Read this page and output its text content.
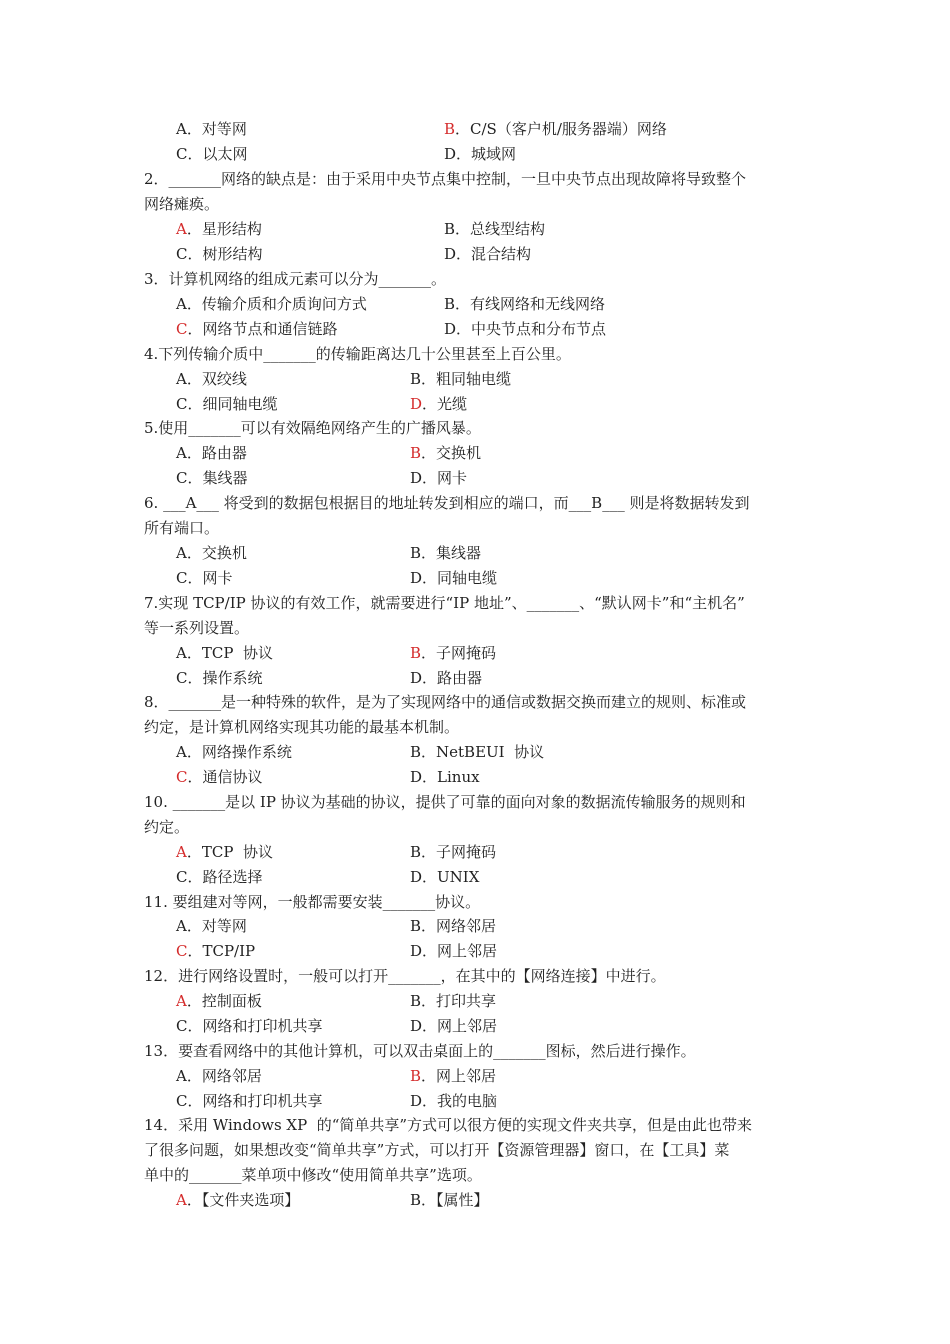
A．对等网	B．C/S（客户机/服务器端）网络
C．以太网	D．城域网
2．_______网络的缺点是：由于采用中央节点集中控制，一旦中央节点出现故障将导致整个
网络瘫痪。
A．星形结构	B．总线型结构
C．树形结构	D．混合结构
3．计算机网络的组成元素可以分为_______。
A．传输介质和介质询问方式	B．有线网络和无线网络
C．网络节点和通信链路	D．中央节点和分布节点
4.下列传输介质中_______的传输距离达几十公里甚至上百公里。
A．双绞线	B．粗同轴电缆
C．细同轴电缆	D．光缆
5.使用_______可以有效隔绝网络产生的广播风暴。
A．路由器	B．交换机
C．集线器	D．网卡
6. ___A___ 将受到的数据包根据目的地址转发到相应的端口，而___B___ 则是将数据转发到
所有端口。
A．交换机	B．集线器
C．网卡	D．同轴电缆
7.实现 TCP/IP 协议的有效工作，就需要进行“IP 地址”、_______、“默认网卡”和“主机名”
等一系列设置。
A．TCP  协议	B．子网掩码
C．操作系统	D．路由器
8．_______是一种特殊的软件，是为了实现网络中的通信或数据交换而建立的规则、标准或
约定，是计算机网络实现其功能的最基本机制。
A．网络操作系统	B．NetBEUI  协议
C．通信协议	D．Linux
10. _______是以 IP 协议为基础的协议，提供了可靠的面向对象的数据流传输服务的规则和
约定。
A．TCP  协议	B．子网掩码
C．路径选择	D．UNIX
11. 要组建对等网，一般都需要安装_______协议。
A．对等网	B．网络邻居
C．TCP/IP	D．网上邻居
12．进行网络设置时，一般可以打开_______，在其中的【网络连接】中进行。
A．控制面板	B．打印共享
C．网络和打印机共享	D．网上邻居
13．要查看网络中的其他计算机，可以双击桌面上的_______图标，然后进行操作。
A．网络邻居	B．网上邻居
C．网络和打印机共享	D．我的电脑
14．采用 Windows XP  的“简单共享”方式可以很方便的实现文件夹共享，但是由此也带来
了很多问题，如果想改变“简单共享”方式，可以打开【资源管理器】窗口，在【工具】菜
单中的_______菜单项中修改“使用简单共享”选项。
A．【文件夹选项】	B．【属性】
